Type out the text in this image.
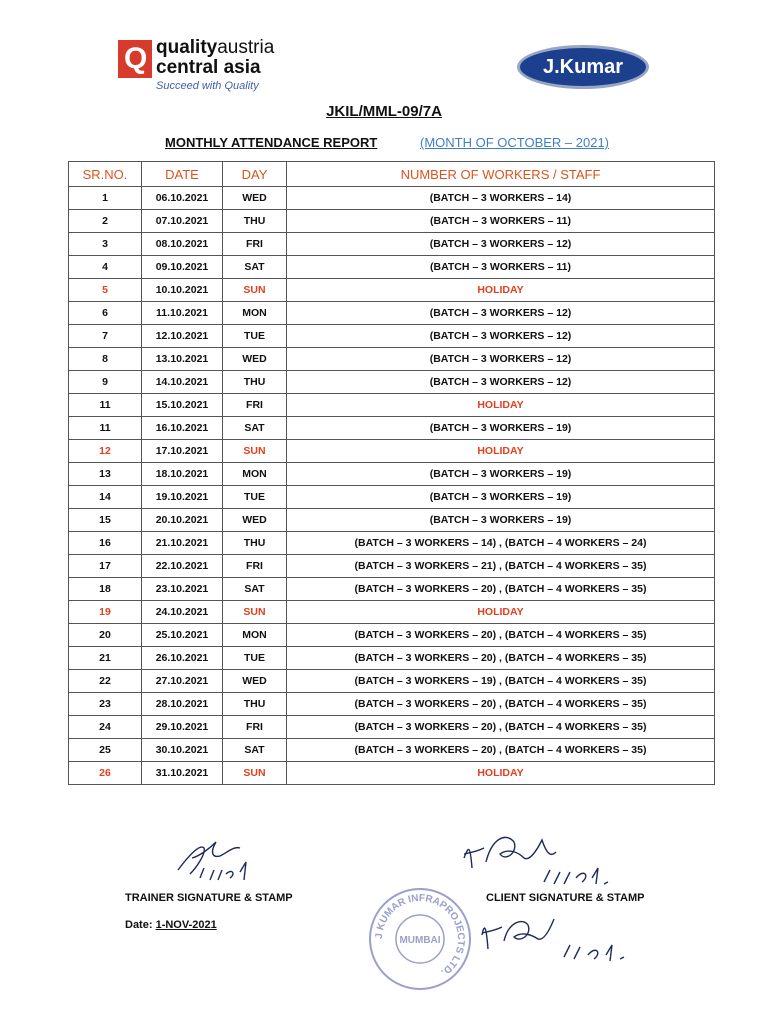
Q qualityaustria
central asia
Succeed with Quality
J.Kumar
JKIL/MML-09/7A
MONTHLY ATTENDANCE REPORT	(MONTH OF OCTOBER – 2021)
SR.NO.	DATE	DAY	NUMBER OF WORKERS / STAFF
1	06.10.2021	WED	(BATCH – 3 WORKERS – 14)
2	07.10.2021	THU	(BATCH – 3 WORKERS – 11)
3	08.10.2021	FRI	(BATCH – 3 WORKERS – 12)
4	09.10.2021	SAT	(BATCH – 3 WORKERS – 11)
5	10.10.2021	SUN	HOLIDAY
6	11.10.2021	MON	(BATCH – 3 WORKERS – 12)
7	12.10.2021	TUE	(BATCH – 3 WORKERS – 12)
8	13.10.2021	WED	(BATCH – 3 WORKERS – 12)
9	14.10.2021	THU	(BATCH – 3 WORKERS – 12)
11	15.10.2021	FRI	HOLIDAY
11	16.10.2021	SAT	(BATCH – 3 WORKERS – 19)
12	17.10.2021	SUN	HOLIDAY
13	18.10.2021	MON	(BATCH – 3 WORKERS – 19)
14	19.10.2021	TUE	(BATCH – 3 WORKERS – 19)
15	20.10.2021	WED	(BATCH – 3 WORKERS – 19)
16	21.10.2021	THU	(BATCH – 3 WORKERS – 14) , (BATCH – 4 WORKERS – 24)
17	22.10.2021	FRI	(BATCH – 3 WORKERS – 21) , (BATCH – 4 WORKERS – 35)
18	23.10.2021	SAT	(BATCH – 3 WORKERS – 20) , (BATCH – 4 WORKERS – 35)
19	24.10.2021	SUN	HOLIDAY
20	25.10.2021	MON	(BATCH – 3 WORKERS – 20) , (BATCH – 4 WORKERS – 35)
21	26.10.2021	TUE	(BATCH – 3 WORKERS – 20) , (BATCH – 4 WORKERS – 35)
22	27.10.2021	WED	(BATCH – 3 WORKERS – 19) , (BATCH – 4 WORKERS – 35)
23	28.10.2021	THU	(BATCH – 3 WORKERS – 20) , (BATCH – 4 WORKERS – 35)
24	29.10.2021	FRI	(BATCH – 3 WORKERS – 20) , (BATCH – 4 WORKERS – 35)
25	30.10.2021	SAT	(BATCH – 3 WORKERS – 20) , (BATCH – 4 WORKERS – 35)
26	31.10.2021	SUN	HOLIDAY
J KUMAR INFRAPROJECTS LTD.
MUMBAI
TRAINER SIGNATURE & STAMP
Date: 1-NOV-2021
CLIENT SIGNATURE & STAMP
